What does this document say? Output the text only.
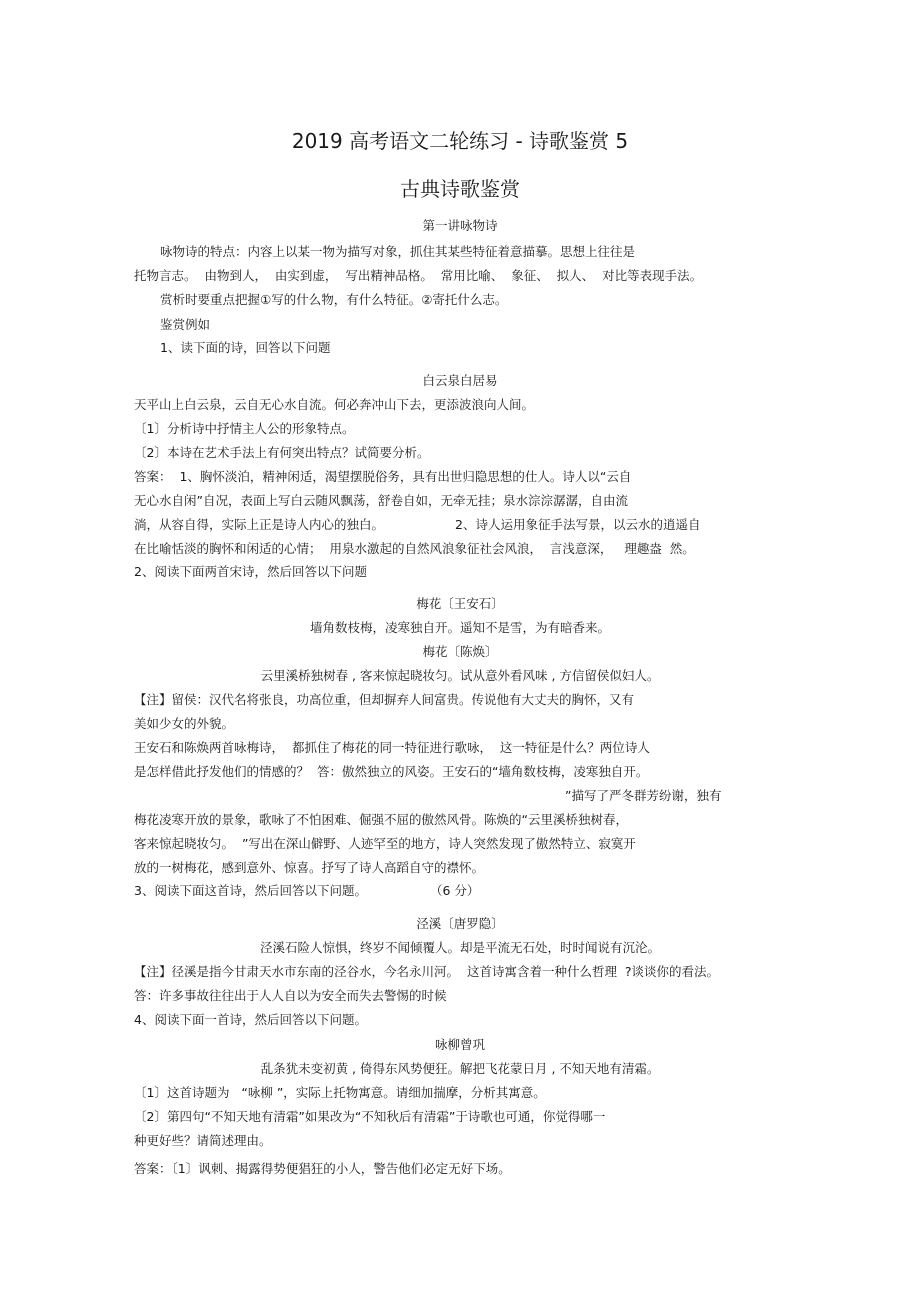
2019 高考语文二轮练习 - 诗歌鉴赏 5
古典诗歌鉴赏
第一讲咏物诗
咏物诗的特点：内容上以某一物为描写对象，抓住其某些特征着意描摹。思想上往往是
托物言志。  由物到人，  由实到虚，  写出精神品格。  常用比喻、  象征、  拟人、  对比等表现手法。
赏析时要重点把握①写的什么物，有什么特征。②寄托什么志。
鉴赏例如
1、读下面的诗，回答以下问题
白云泉白居易
天平山上白云泉，云自无心水自流。何必奔冲山下去，更添波浪向人间。
〔1〕分析诗中抒情主人公的形象特点。
〔2〕本诗在艺术手法上有何突出特点？试简要分析。
答案：  1、胸怀淡泊，精神闲适，渴望摆脱俗务，具有出世归隐思想的仕人。诗人以“云自
无心水自闲”自况，表面上写白云随风飘荡，舒卷自如，无牵无挂；泉水淙淙潺潺，自由流
淌，从容自得，实际上正是诗人内心的独白。	2、诗人运用象征手法写景，以云水的逍遥自
在比喻恬淡的胸怀和闲适的心情；  用泉水激起的自然风浪象征社会风浪，  言浅意深，   理趣盎  然。
2、阅读下面两首宋诗，然后回答以下问题
梅花〔王安石〕
墙角数枝梅，凌寒独自开。遥知不是雪，为有暗香来。
梅花〔陈焕〕
云里溪桥独树春 , 客来惊起晓妆匀。试从意外看风味 , 方信留侯似妇人。
【注】留侯：汉代名将张良，功高位重，但却摒弃人间富贵。传说他有大丈夫的胸怀，又有
美如少女的外貌。
王安石和陈焕两首咏梅诗，  都抓住了梅花的同一特征进行歌咏，  这一特征是什么？两位诗人
是怎样借此抒发他们的情感的？  答：傲然独立的风姿。王安石的“墙角数枝梅，凌寒独自开。
”描写了严冬群芳纷谢，独有
梅花凌寒开放的景象，歌咏了不怕困难、倔强不屈的傲然风骨。陈焕的“云里溪桥独树春，
客来惊起晓妆匀。  ”写出在深山僻野、人迹罕至的地方，诗人突然发现了傲然特立、寂寞开
放的一树梅花，感到意外、惊喜。抒写了诗人高蹈自守的襟怀。
3、阅读下面这首诗，然后回答以下问题。	（6 分）
泾溪〔唐罗隐〕
泾溪石险人惊惧，终岁不闻倾覆人。却是平流无石处，时时闻说有沉沦。
【注】径溪是指今甘肃天水市东南的泾谷水，今名永川河。  这首诗寓含着一种什么哲理  ?谈谈你的看法。
答：许多事故往往出于人人自以为安全而失去警惕的时候
4、阅读下面一首诗，然后回答以下问题。
咏柳曾巩
乱条犹未变初黄 , 倚得东风势便狂。解把飞花蒙日月 , 不知天地有清霜。
〔1〕这首诗题为   “咏柳 ”，实际上托物寓意。请细加揣摩，分析其寓意。
〔2〕第四句“不知天地有清霜”如果改为“不知秋后有清霜”于诗歌也可通，你觉得哪一
种更好些？请简述理由。
答案：〔1〕讽刺、揭露得势便猖狂的小人，警告他们必定无好下场。
